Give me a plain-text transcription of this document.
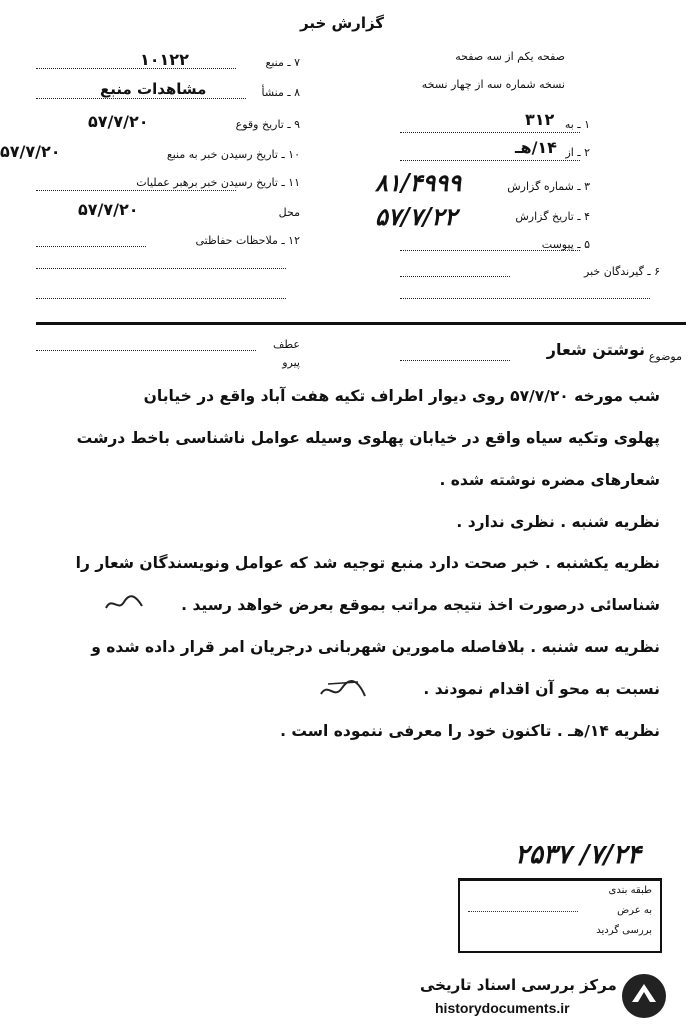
گزارش خبر
صفحه یکم از سه صفحه
نسخه شماره سه از چهار نسخه
۱ ـ به
۳۱۲
۲ ـ از
۱۴/هـ
۳ ـ شماره گزارش
۸۱/۴۹۹۹
۴ ـ تاریخ گزارش
۵۷/۷/۲۲
۵ ـ پیوست
۶ ـ گیرندگان خبر
۷ ـ منبع
۱۰۱۲۲
۸ ـ منشأ
مشاهدات منبع
۹ ـ تاریخ وقوع
۵۷/۷/۲۰
۱۰ ـ تاریخ رسیدن خبر به منبع
۵۷/۷/۲۰
۱۱ ـ تاریخ رسیدن خبر برهبر عملیات
محل
۵۷/۷/۲۰
۱۲ ـ ملاحظات حفاظتی
عطف
پیرو	موضوع
نوشتن شعار
شب مورخه ۵۷/۷/۲۰ روی دیوار اطراف تکیه هفت آباد واقع در خیابان
پهلوی وتکیه سیاه واقع در خیابان پهلوی وسیله عوامل ناشناسی باخط درشت
شعارهای مضره نوشته شده .
نظریه شنبه . نظری ندارد .
نظریه یکشنبه . خبر صحت دارد منبع توجیه شد که عوامل ونویسندگان شعار را
شناسائی درصورت اخذ نتیجه مراتب بموقع بعرض خواهد رسید .
نظریه سه شنبه . بلافاصله مامورین شهربانی درجریان امر قرار داده شده و
نسبت به محو آن اقدام نمودند .
نظریه ۱۴/هـ . تاکنون خود را معرفی ننموده است .
۲۵۳۷ /۷/۲۴
طبقه بندی
به عرض
بررسی گردید
مرکز بررسی اسناد تاریخی
historydocuments.ir
